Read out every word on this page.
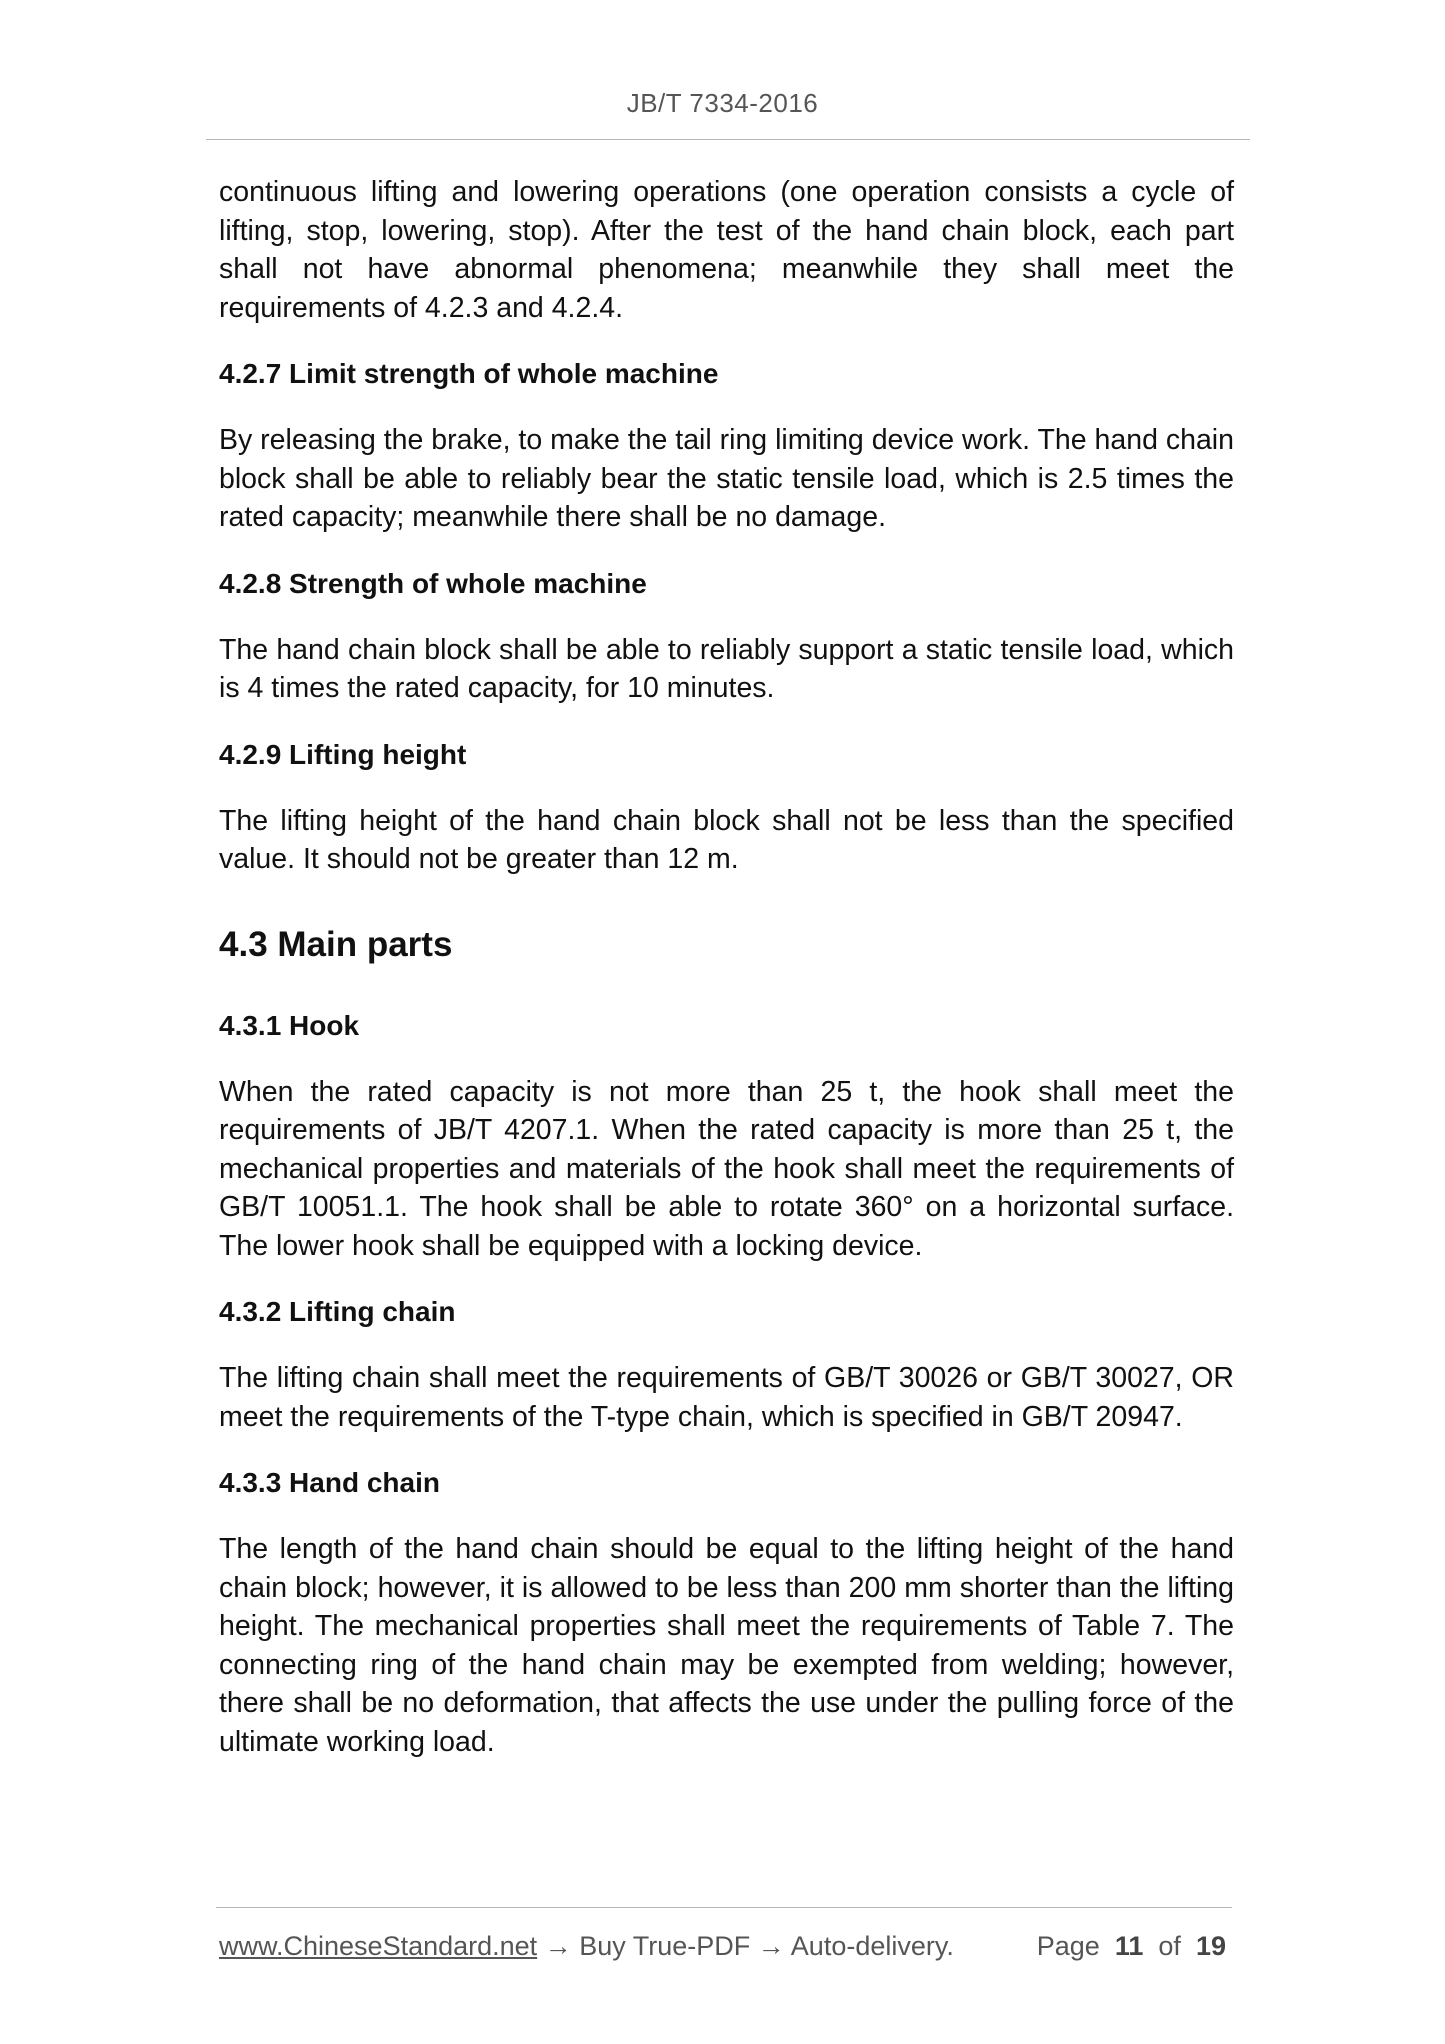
JB/T 7334-2016

continuous lifting and lowering operations (one operation consists a cycle of lifting, stop, lowering, stop). After the test of the hand chain block, each part shall not have abnormal phenomena; meanwhile they shall meet the requirements of 4.2.3 and 4.2.4.

4.2.7 Limit strength of whole machine

By releasing the brake, to make the tail ring limiting device work. The hand chain block shall be able to reliably bear the static tensile load, which is 2.5 times the rated capacity; meanwhile there shall be no damage.

4.2.8 Strength of whole machine

The hand chain block shall be able to reliably support a static tensile load, which is 4 times the rated capacity, for 10 minutes.

4.2.9 Lifting height

The lifting height of the hand chain block shall not be less than the specified value. It should not be greater than 12 m.

4.3 Main parts

4.3.1 Hook

When the rated capacity is not more than 25 t, the hook shall meet the requirements of JB/T 4207.1. When the rated capacity is more than 25 t, the mechanical properties and materials of the hook shall meet the requirements of GB/T 10051.1. The hook shall be able to rotate 360° on a horizontal surface. The lower hook shall be equipped with a locking device.

4.3.2 Lifting chain

The lifting chain shall meet the requirements of GB/T 30026 or GB/T 30027, OR meet the requirements of the T-type chain, which is specified in GB/T 20947.

4.3.3 Hand chain

The length of the hand chain should be equal to the lifting height of the hand chain block; however, it is allowed to be less than 200 mm shorter than the lifting height. The mechanical properties shall meet the requirements of Table 7. The connecting ring of the hand chain may be exempted from welding; however, there shall be no deformation, that affects the use under the pulling force of the ultimate working load.

www.ChineseStandard.net → Buy True-PDF → Auto-delivery.	Page 11 of 19
